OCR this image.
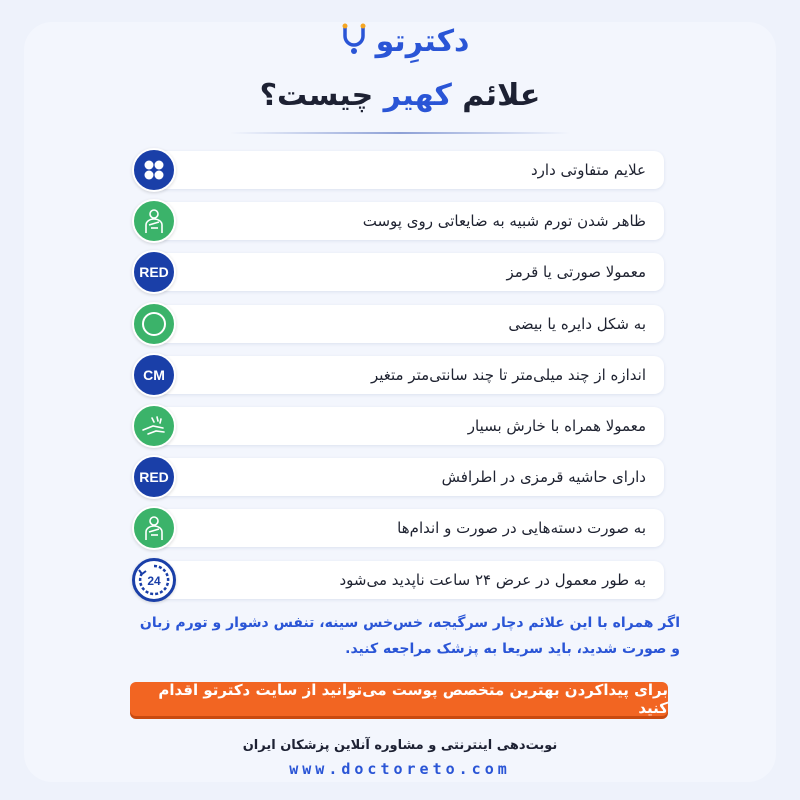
دکترِتو
علائم کهیر چیست؟
علایم متفاوتی دارد
ظاهر شدن تورم شبیه به ضایعاتی روی پوست
معمولا صورتی یا قرمز
RED
به شکل دایره یا بیضی
اندازه از چند میلی‌متر تا چند سانتی‌متر متغیر
CM
معمولا همراه با خارش بسیار
دارای حاشیه قرمزی در اطرافش
RED
به صورت دسته‌هایی در صورت و اندام‌ها
به طور معمول در عرض ۲۴ ساعت ناپدید می‌شود
24
اگر همراه با این علائم دچار سرگیجه، خس‌خس سینه، تنفس دشوار و تورم زبان
و صورت شدید، باید سریعا به پزشک مراجعه کنید.
برای پیداکردن بهترین متخصص پوست می‌توانید از سایت دکترتو اقدام کنید
نوبت‌دهی اینترنتی و مشاوره آنلاین پزشکان ایران
www.doctoreto.com
